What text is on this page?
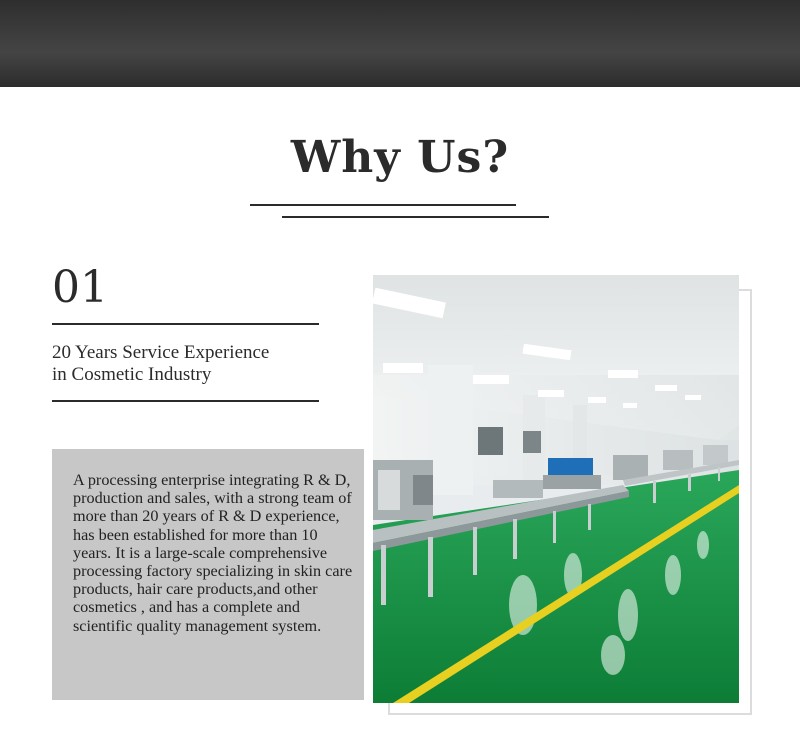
Why Us?
01
20 Years Service Experience
in Cosmetic Industry
A processing enterprise integrating R & D, production and sales, with a strong team of more than 20 years of R & D experience, has been established for more than 10 years. It is a large-scale comprehensive processing factory specializing in skin care products, hair care products,and other cosmetics , and has a complete and scientific quality management system.
